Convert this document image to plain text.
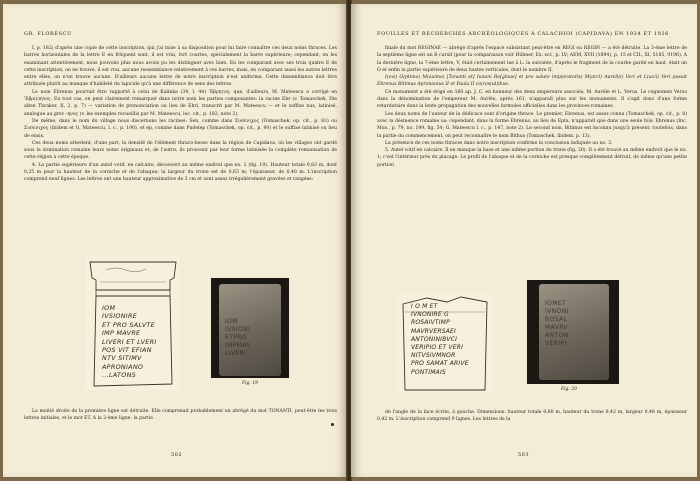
GR. FLORESCU

I, p. 182) d'après une copie de cette inscription, qui j'ai mise à sa disposition pour lui faire connaître ces deux noms thraces. Les barres horizontales de la lettre E en fréquent sont, il est vrai, fort courtes, spécialement la barre supérieure; cependant, en les examinant attentivement, nous pouvons plus nous avons pu les distinguer avec bien. En les comparant avec ses trois quatre E de cette inscription, on ne trouve, il est vrai, aucune ressemblance relativement à ces barres, mais, en comparant aussi les autres lettres entre elles, on n'en trouve aucune. D'ailleurs aucune lettre de notre inscription n'est uniforme. Cette dissemblance doit être attribuée plutôt au manque d'habileté du lapicide qu'à une différence de sens des lettres.

Le nom Ebrenus pourrait être rapporté à celui de Kalinka (34, I, 44) 'Εβρητος; que, d'ailleurs, M. Mateescu a corrigé en 'Εβρ(ε)ητος. En tout cas, on peut clairement remarquer dans notre nom les parties composantes: la racine Ebr (v. Tomaschek, Die alten Thraker, II, 2, p. 7) — variation de prononciation ou lieu de Ebri, transcrit par M. Mateescu — et le suffixe nus, latinisé, analogue au grec -ηνος (v. les exemples recueillis par M. Mateescu, loc. cit., p. 182, note 2).

De même, dans le nom du village nous discernons les racines: Sen, comme dans Συσενιχος (Tomaschek, op. cit., p. 83) ou Συσενιχος (ibidem et G. Mateescu, l. c., p. 190), et ep, comme dans Pudelep (Tomaschek, op. cit., p. 90) et le suffixe latinisé ou lieu de ensis.

Ces deux noms attestent, d'une part, la densité de l'élément thraco-besse dans la région de Capidava, où les villages ont gardé sous la domination romaine leurs noms originaux et, de l'autre, ils prouvent par leur forme latinisée la complète romanisation de cette région à cette époque.

4. La partie supérieure d'un autel votif, en calcaire, découvert au même endroit que no. 2 (fig. 19). Hauteur totale 0,83 m, dont 0,25 m pour la hauteur de la corniche et de l'abaque; la largeur du trone est de 0,63 m; l'épaisseur, de 0,40 m. L'inscription comprend neuf lignes. Les lettres ont une hauteur approximative de 3 cm et sont assez irrégulièrement gravées et rangées:

IOM
IVSIONIRE
ET PRO SALVTE
IMP MAVRE
LIVERI ET LVERI
POS VIT EFIAN
NTV SITIMV
APRONIANO
...LATONS
IOM
IVSIONI
ETPRO
IMPMAV
LIVERI
Fig. 19

La moitié droite de la première ligne est détruite. Elle comprenait probablement un abrégé du mot TONANTI, peut-être les trois lettres initiales, et le mot ET. A la 2-ème ligne, la partie

502
FOUILLES ET RECHERCHES ARCHÉOLOGIQUES À CALACHIOI (CAPIDAVA) EN 1924 ET 1926

finale du mot REGINAE — abrégé d'après l'espace subsistant peut-être en REGI ou REGIN — a été détruite. La 3-ème lettre de la septième ligne est un B cursif (pour la comparaison voir Hübner, Ex. scr., p. LV; AEM, XVII (1894), p. 15 et CIL, XI, 5185, 9196). A la dernière ligne, la 7-ème lettre, V, était certainement lue à L: la suivante, d'après le fragment de la courbe gardé en haut, était un O et enfin la partie supérieure de deux hastes verticales, dont le nombre II.

I(ovi) O(ptimo) M(aximo) [Tonanti et] Iunoni Re[ginae] et pro salute imp(eratoris) M(arci) Aureli(i) Veri et L(ucii) Veri posuit Ebrenus Bitimus Apronianus II et Paula II co(n)s(ul)ibus.

Ce monument a été érigé en 160 ap. J. C. en honneur des deux empereurs associés, M. Aurèle et L. Verus. Le cognomen Verus dans la dénomination de l'empereur M. Aurèle, après 161, n'apparaît plus sur les monuments. Il s'agit donc d'une forme retardataire dans la lente propagation des nouvelles formules officielles dans les provinces romaines.

Les deux noms de l'auteur de la dédicace sont d'origine thrace. Le premier, Ebrenus, est assez connu (Tomaschek, op. cit., p. 8) avec la désinence romaine us; cependant, dans la forme Ebrenus, au lieu de Epta, n'apparaît que dans une seule fois: Ebrenus (Inc. Mus., p. 79, no. 199, fig. 54; G. Mateescu l. c., p. 147, note 2). Le second nom, Bitimus est inconnu jusqu'à présent; toutefois, dans la partie du commencement, on peut reconnaître le nom Bithus (Tomaschek, ibidem, p. 13).

La présence de ces noms thraces dans notre inscription confirme la conclusion indiquée au no. 3.

5. Autel votif en calcaire. Il en manque la base et une infime portion du trone (fig. 20). Il a été trouvé au même endroit que le no. 1; c'est l'intérieur près du placage. Le profil de l'abaque et de la corniche est presque complètement détruit, de même qu'une petite portion

I O M ET
IVNONIRE G
ROSAIVTIMP
MAVRVERSAEI
ANTONINIBVCI
VERIPIO ET VERI
NITVSIVMNOR
PRO SAMAT ARIVE
PONTIMAIS
IOMET
IVNONI
ROSAL
MAVRV
ANTON
VERIPI
Fig. 20

de l'angle de la face écrite, à gauche. Dimensions: hauteur totale 0,60 m, hauteur du trone 0,42 m, largeur 0,46 m, épaisseur 0,42 m. L'inscription comprend 9 lignes. Les lettres de la

503
